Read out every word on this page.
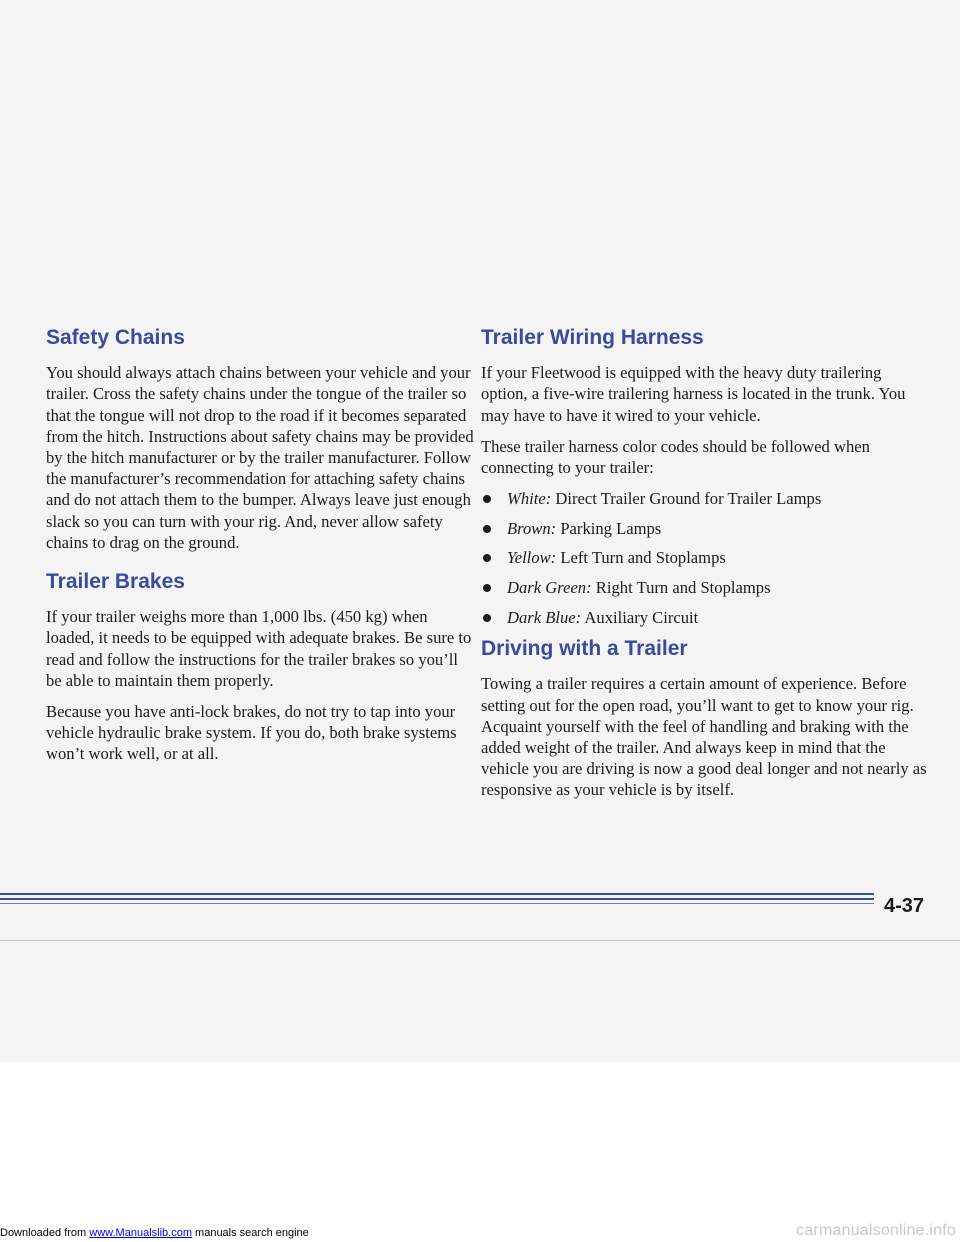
Safety Chains

You should always attach chains between your vehicle and your trailer. Cross the safety chains under the tongue of the trailer so that the tongue will not drop to the road if it becomes separated from the hitch. Instructions about safety chains may be provided by the hitch manufacturer or by the trailer manufacturer. Follow the manufacturer’s recommendation for attaching safety chains and do not attach them to the bumper. Always leave just enough slack so you can turn with your rig. And, never allow safety chains to drag on the ground.

Trailer Brakes

If your trailer weighs more than 1,000 lbs. (450 kg) when loaded, it needs to be equipped with adequate brakes. Be sure to read and follow the instructions for the trailer brakes so you’ll be able to maintain them properly.

Because you have anti-lock brakes, do not try to tap into your vehicle hydraulic brake system. If you do, both brake systems won’t work well, or at all.

Trailer Wiring Harness

If your Fleetwood is equipped with the heavy duty trailering option, a five-wire trailering harness is located in the trunk. You may have to have it wired to your vehicle.

These trailer harness color codes should be followed when connecting to your trailer:

White: Direct Trailer Ground for Trailer Lamps
Brown: Parking Lamps
Yellow: Left Turn and Stoplamps
Dark Green: Right Turn and Stoplamps
Dark Blue: Auxiliary Circuit
Driving with a Trailer

Towing a trailer requires a certain amount of experience. Before setting out for the open road, you’ll want to get to know your rig. Acquaint yourself with the feel of handling and braking with the added weight of the trailer. And always keep in mind that the vehicle you are driving is now a good deal longer and not nearly as responsive as your vehicle is by itself.

4-37
Downloaded from www.Manualslib.com manuals search engine	carmanualsonline.info
